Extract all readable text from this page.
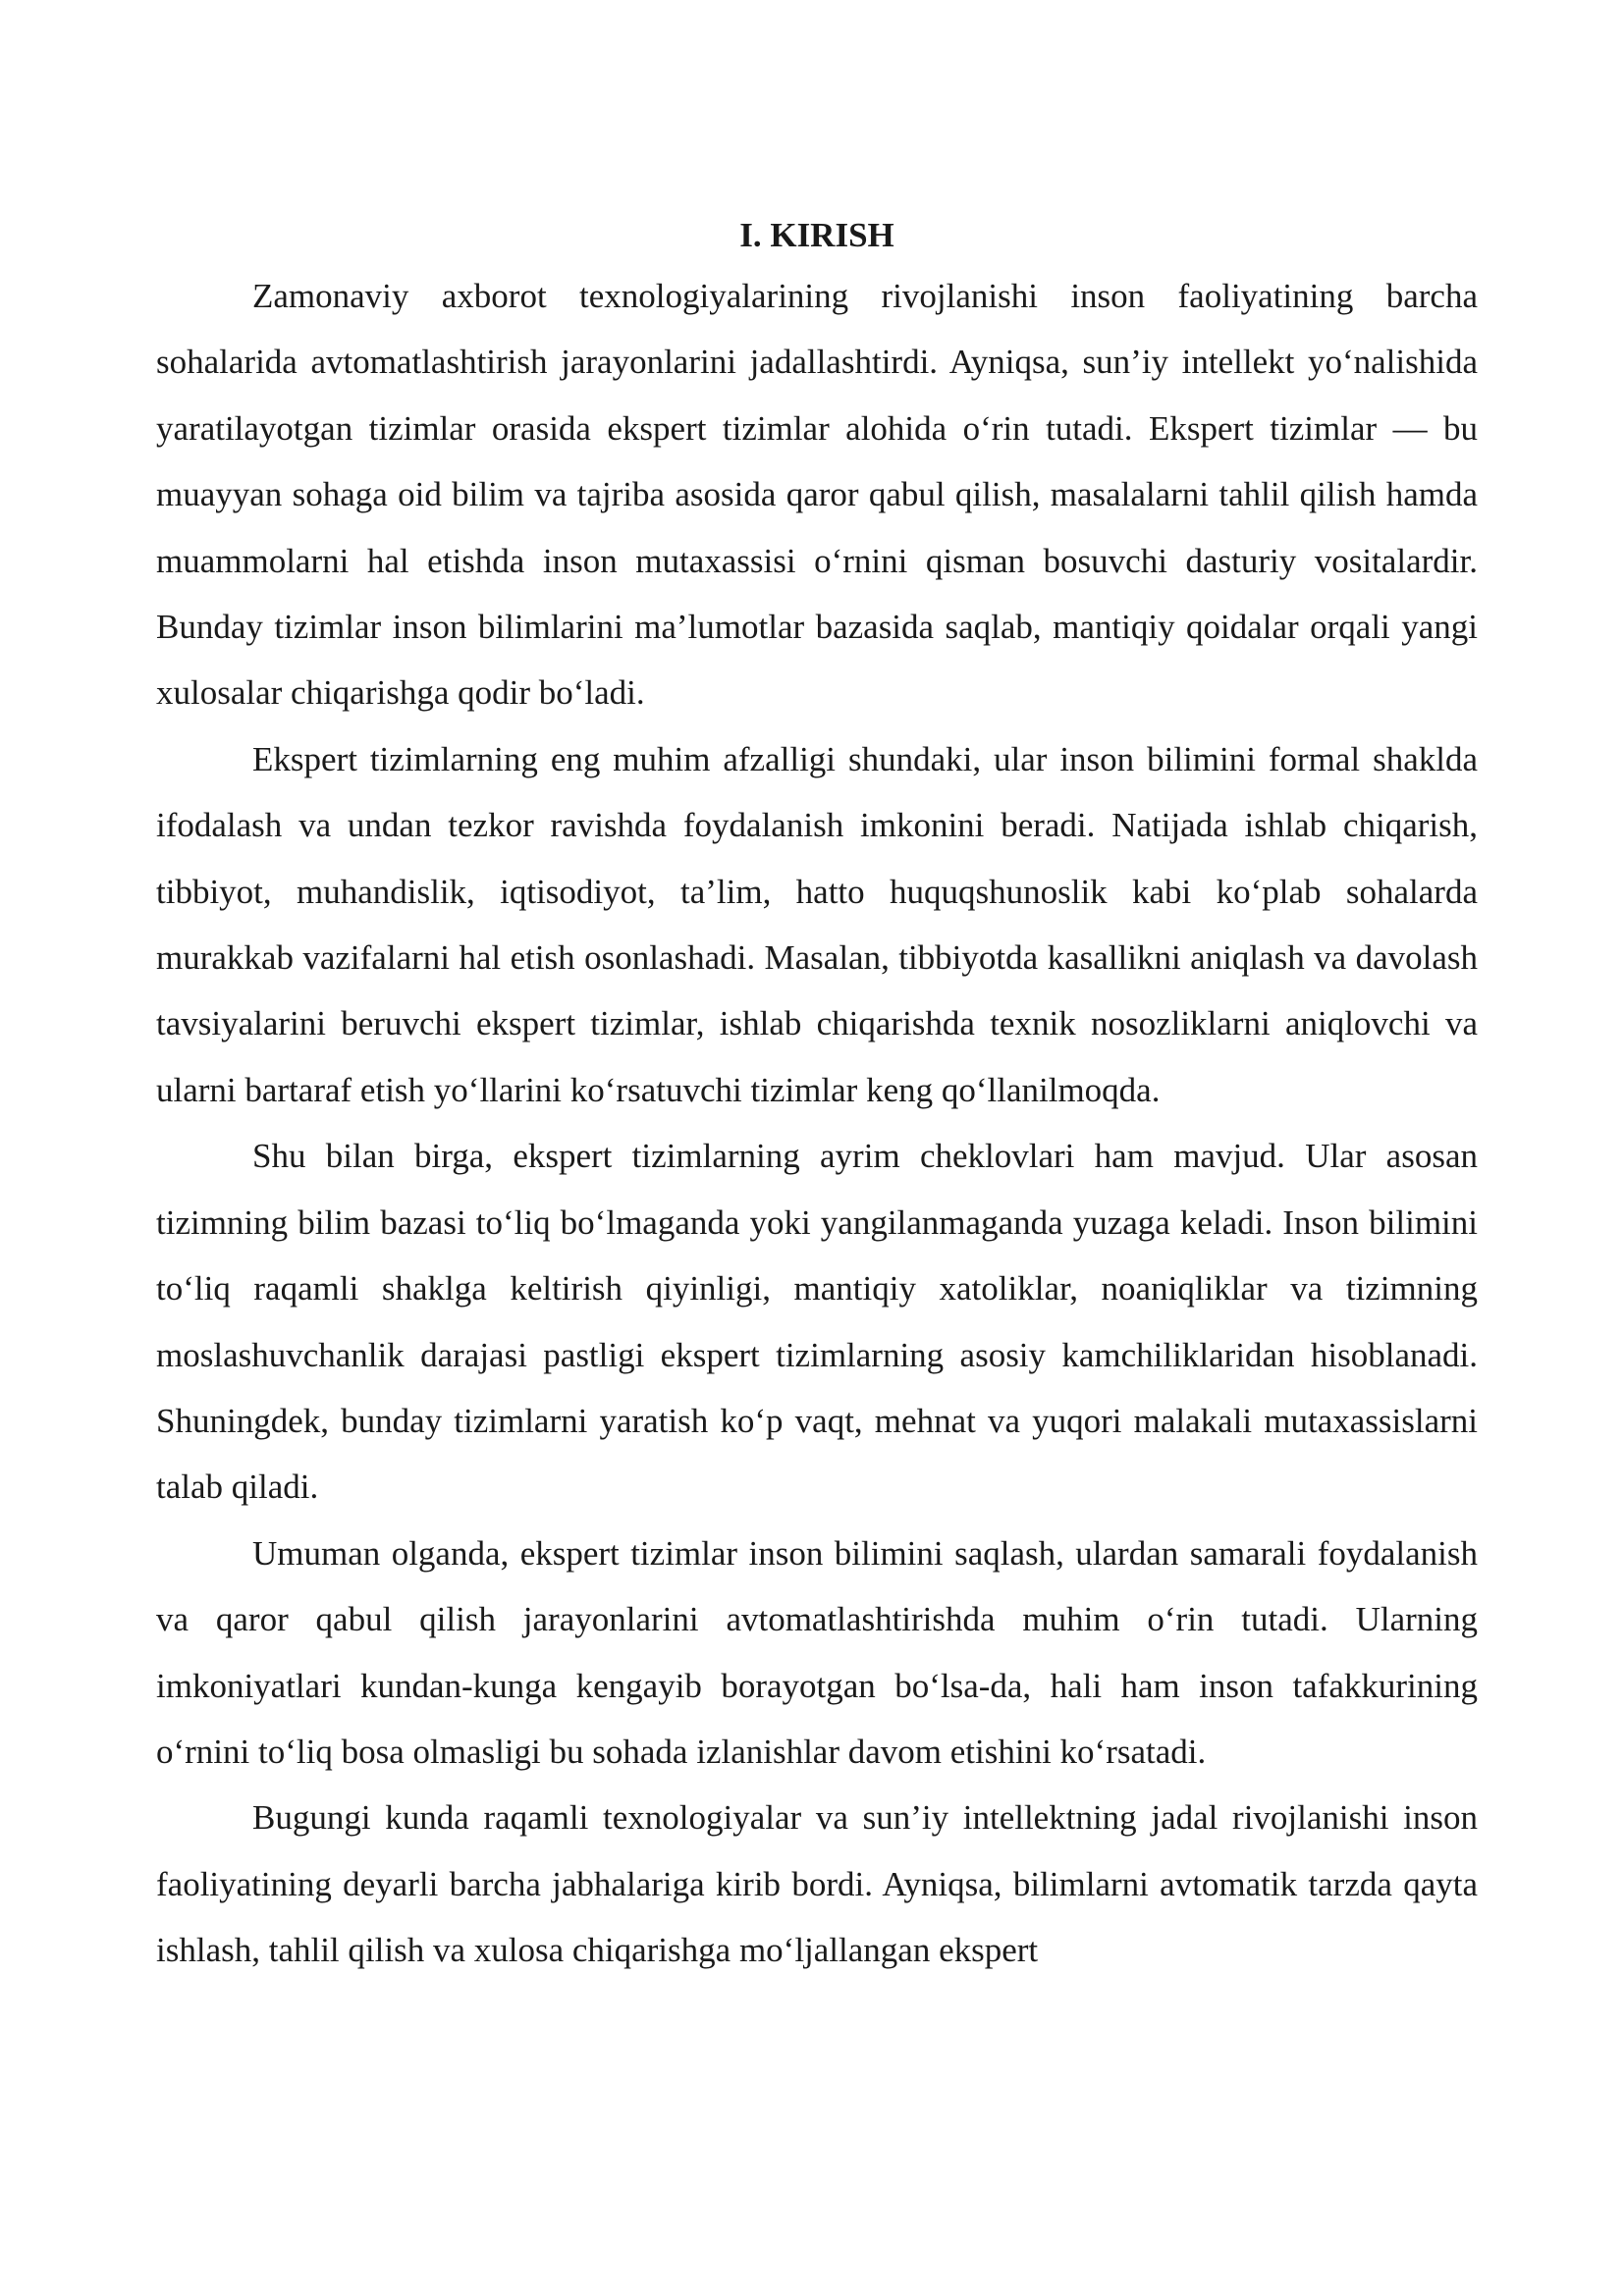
I. KIRISH

Zamonaviy axborot texnologiyalarining rivojlanishi inson faoliyatining barcha sohalarida avtomatlashtirish jarayonlarini jadallashtirdi. Ayniqsa, sun’iy intellekt yo‘nalishida yaratilayotgan tizimlar orasida ekspert tizimlar alohida o‘rin tutadi. Ekspert tizimlar — bu muayyan sohaga oid bilim va tajriba asosida qaror qabul qilish, masalalarni tahlil qilish hamda muammolarni hal etishda inson mutaxassisi o‘rnini qisman bosuvchi dasturiy vositalardir. Bunday tizimlar inson bilimlarini ma’lumotlar bazasida saqlab, mantiqiy qoidalar orqali yangi xulosalar chiqarishga qodir bo‘ladi.

Ekspert tizimlarning eng muhim afzalligi shundaki, ular inson bilimini formal shaklda ifodalash va undan tezkor ravishda foydalanish imkonini beradi. Natijada ishlab chiqarish, tibbiyot, muhandislik, iqtisodiyot, ta’lim, hatto huquqshunoslik kabi ko‘plab sohalarda murakkab vazifalarni hal etish osonlashadi. Masalan, tibbiyotda kasallikni aniqlash va davolash tavsiyalarini beruvchi ekspert tizimlar, ishlab chiqarishda texnik nosozliklarni aniqlovchi va ularni bartaraf etish yo‘llarini ko‘rsatuvchi tizimlar keng qo‘llanilmoqda.

Shu bilan birga, ekspert tizimlarning ayrim cheklovlari ham mavjud. Ular asosan tizimning bilim bazasi to‘liq bo‘lmaganda yoki yangilanmaganda yuzaga keladi. Inson bilimini to‘liq raqamli shaklga keltirish qiyinligi, mantiqiy xatoliklar, noaniqliklar va tizimning moslashuvchanlik darajasi pastligi ekspert tizimlarning asosiy kamchiliklaridan hisoblanadi. Shuningdek, bunday tizimlarni yaratish ko‘p vaqt, mehnat va yuqori malakali mutaxassislarni talab qiladi.

Umuman olganda, ekspert tizimlar inson bilimini saqlash, ulardan samarali foydalanish va qaror qabul qilish jarayonlarini avtomatlashtirishda muhim o‘rin tutadi. Ularning imkoniyatlari kundan-kunga kengayib borayotgan bo‘lsa-da, hali ham inson tafakkurining o‘rnini to‘liq bosa olmasligi bu sohada izlanishlar davom etishini ko‘rsatadi.

Bugungi kunda raqamli texnologiyalar va sun’iy intellektning jadal rivojlanishi inson faoliyatining deyarli barcha jabhalariga kirib bordi. Ayniqsa, bilimlarni avtomatik tarzda qayta ishlash, tahlil qilish va xulosa chiqarishga mo‘ljallangan ekspert
